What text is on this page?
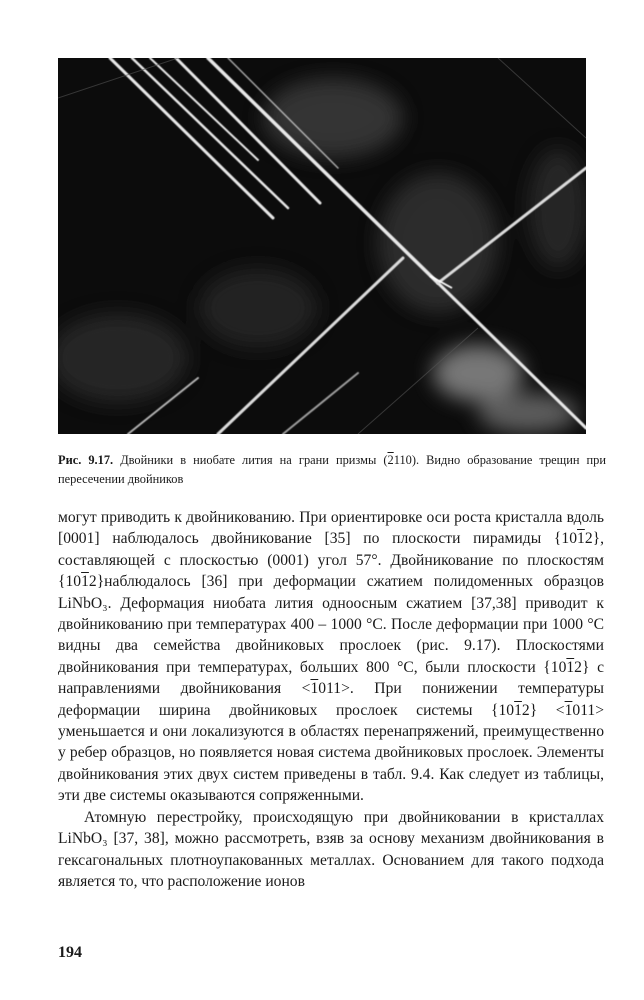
Рис. 9.17. Двойники в ниобате лития на грани призмы (2110). Видно образование трещин при пересечении двойников

могут приводить к двойникованию. При ориентировке оси роста кристалла вдоль [0001] наблюдалось двойникование [35] по плоскости пирамиды {1012}, составляющей с плоскостью (0001) угол 57°. Двойникование по плоскостям {1012}наблюдалось [36] при деформации сжатием полидоменных образцов LiNbO₃. Деформация ниобата лития одноосным сжатием [37,38] приводит к двойникованию при температурах 400 – 1000 °C. После деформации при 1000 °C видны два семейства двойниковых прослоек (рис. 9.17). Плоскостями двойникования при температурах, больших 800 °C, были плоскости {1012} с направлениями двойникования <1011>. При понижении температуры деформации ширина двойниковых прослоек системы {1012} <1011> уменьшается и они локализуются в областях перенапряжений, преимущественно у ребер образцов, но появляется новая система двойниковых прослоек. Элементы двойникования этих двух систем приведены в табл. 9.4. Как следует из таблицы, эти две системы оказываются сопряженными.

Атомную перестройку, происходящую при двойниковании в кристаллах LiNbO₃ [37, 38], можно рассмотреть, взяв за основу механизм двойникования в гексагональных плотноупакованных металлах. Основанием для такого подхода является то, что расположение ионов

194
